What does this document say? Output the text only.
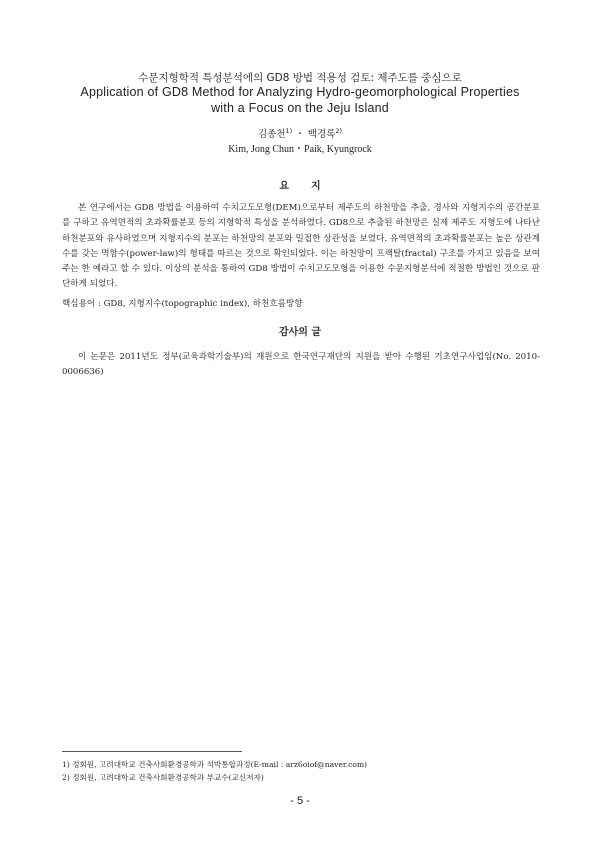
수문지형학적 특성분석에의 GD8 방법 적용성 검토: 제주도를 중심으로
Application of GD8 Method for Analyzing Hydro-geomorphological Properties
with a Focus on the Jeju Island
김종천$^{1)}$ ・ 백경록$^{2)}$
Kim, Jong Chun・Paik, Kyungrock
요지

본 연구에서는 GD8 방법을 이용하여 수치고도모형(DEM)으로부터 제주도의 하천망을 추출, 경사와 지형지수의 공간분포를 구하고 유역면적의 초과확률분포 등의 지형학적 특성을 분석하였다. GD8으로 추출된 하천망은 실제 제주도 지형도에 나타난 하천분포와 유사하였으며 지형지수의 분포는 하천망의 분포와 밀접한 상관성을 보였다. 유역면적의 초과확률분포는 높은 상관계수를 갖는 멱함수(power-law)의 형태를 따르는 것으로 확인되었다. 이는 하천망이 프랙탈(fractal) 구조를 가지고 있음을 보여주는 한 예라고 할 수 있다. 이상의 분석을 통하여 GD8 방법이 수치고도모형을 이용한 수문지형분석에 적절한 방법인 것으로 판단하게 되었다.

핵심용어 : GD8, 지형지수(topographic index), 하천흐름방향

감사의 글

이 논문은 2011년도 정부(교육과학기술부)의 재원으로 한국연구재단의 지원을 받아 수행된 기초연구사업임(No. 2010-0006636)

1) 정회원, 고려대학교 건축사회환경공학과 석박통합과정(E-mail : arz6oiof@naver.com)

2) 정회원, 고려대학교 건축사회환경공학과 부교수(교신저자)

- 5 -
